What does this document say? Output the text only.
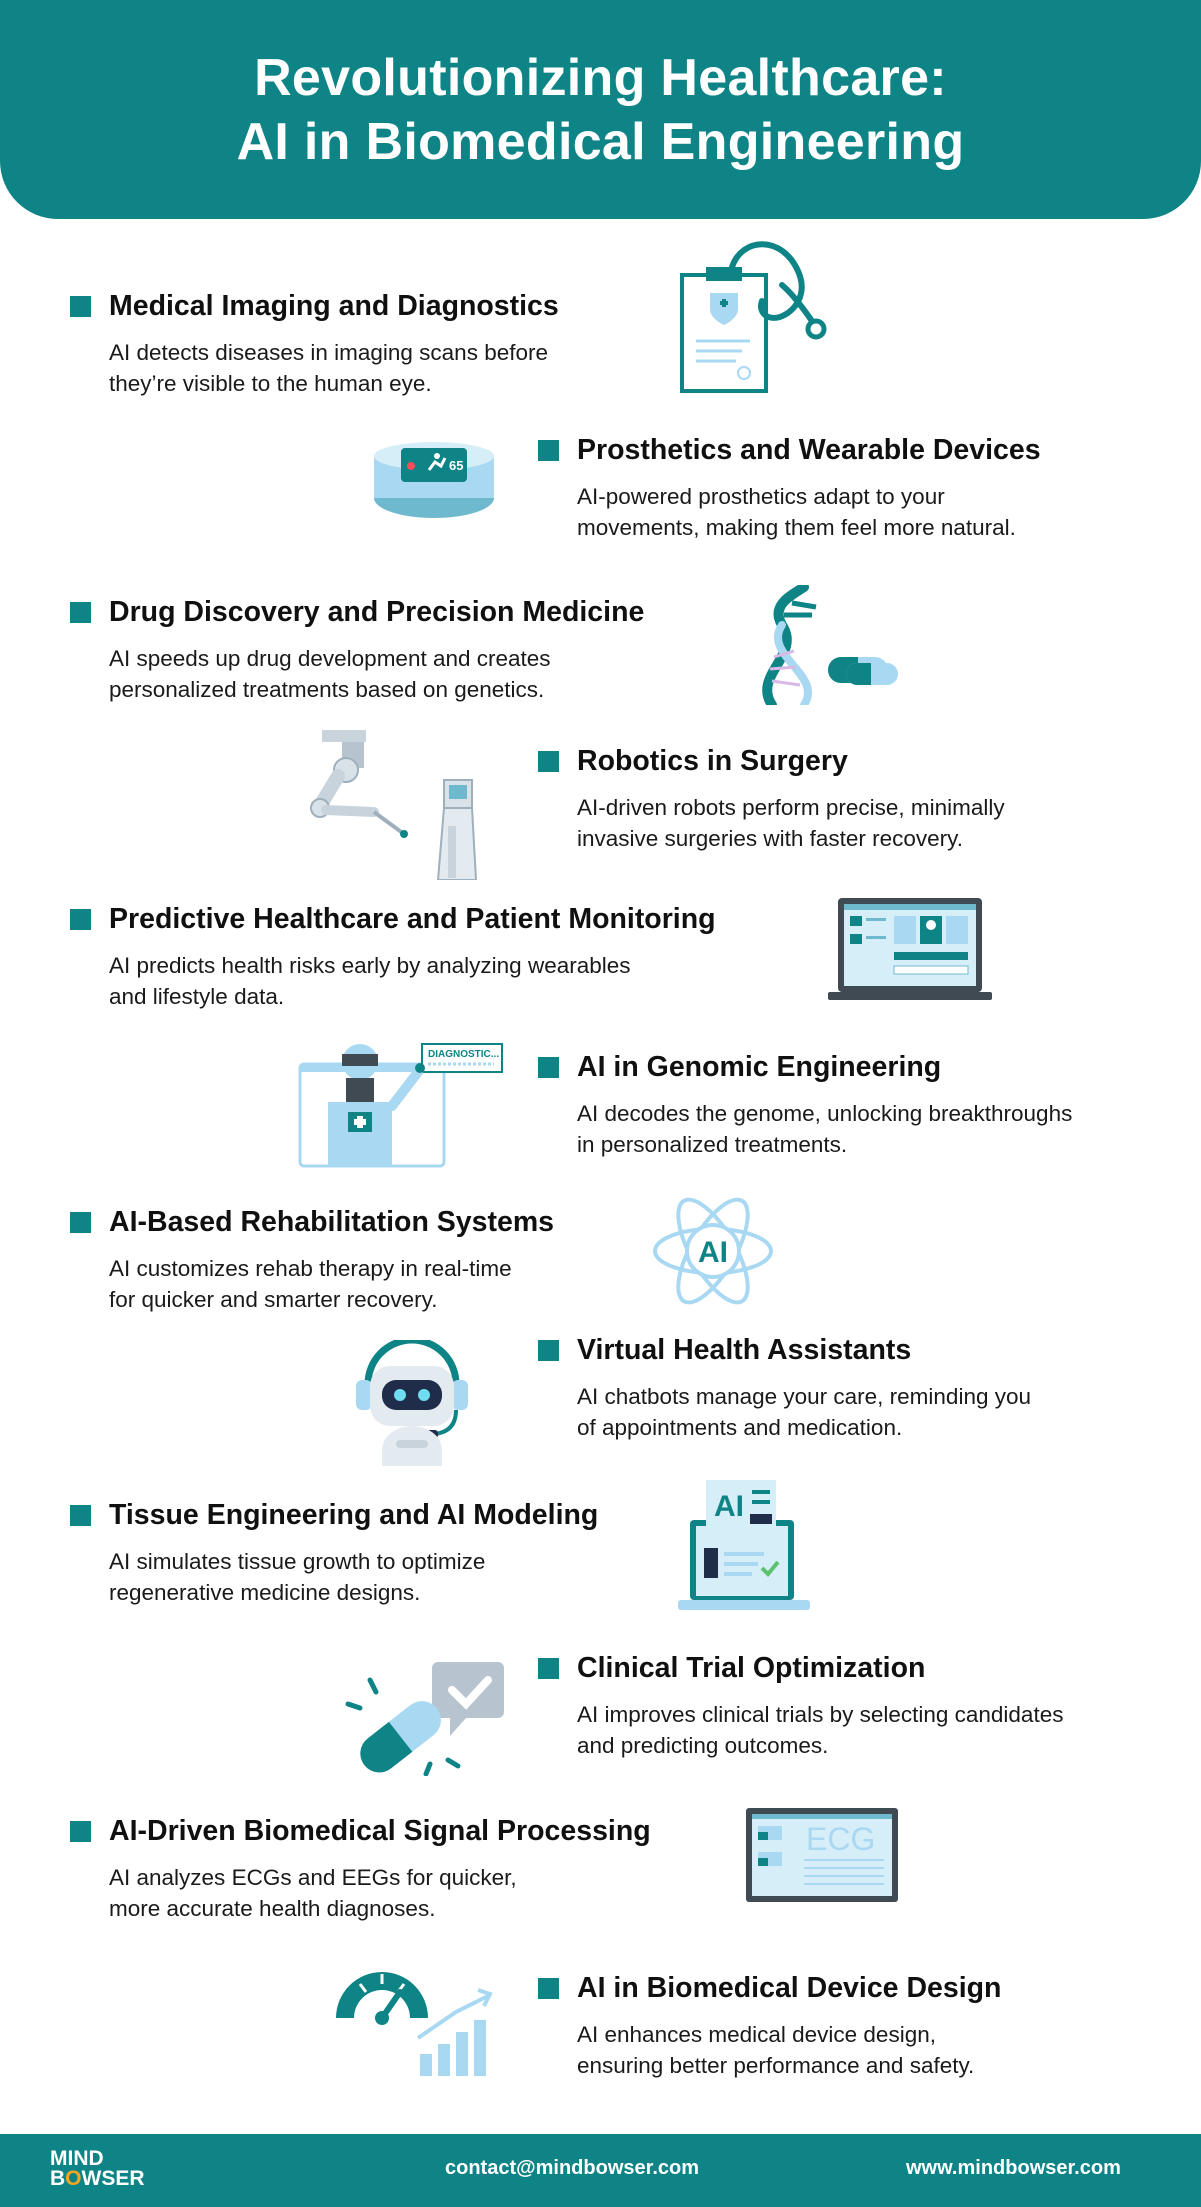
Revolutionizing Healthcare:
AI in Biomedical Engineering
Medical Imaging and Diagnostics
AI detects diseases in imaging scans before
they’re visible to the human eye.
Prosthetics and Wearable Devices
AI-powered prosthetics adapt to your
movements, making them feel more natural.
65
Drug Discovery and Precision Medicine
AI speeds up drug development and creates
personalized treatments based on genetics.
Robotics in Surgery
AI-driven robots perform precise, minimally
invasive surgeries with faster recovery.
Predictive Healthcare and Patient Monitoring
AI predicts health risks early by analyzing wearables
and lifestyle data.
AI in Genomic Engineering
AI decodes the genome, unlocking breakthroughs
in personalized treatments.
DIAGNOSTIC...
AI-Based Rehabilitation Systems
AI customizes rehab therapy in real-time
for quicker and smarter recovery.
AI
Virtual Health Assistants
AI chatbots manage your care, reminding you
of appointments and medication.
Tissue Engineering and AI Modeling
AI simulates tissue growth to optimize
regenerative medicine designs.
AI
Clinical Trial Optimization
AI improves clinical trials by selecting candidates
and predicting outcomes.
AI-Driven Biomedical Signal Processing
AI analyzes ECGs and EEGs for quicker,
more accurate health diagnoses.
ECG
AI in Biomedical Device Design
AI enhances medical device design,
ensuring better performance and safety.
MIND
BOWSER	contact@mindbowser.com	www.mindbowser.com
